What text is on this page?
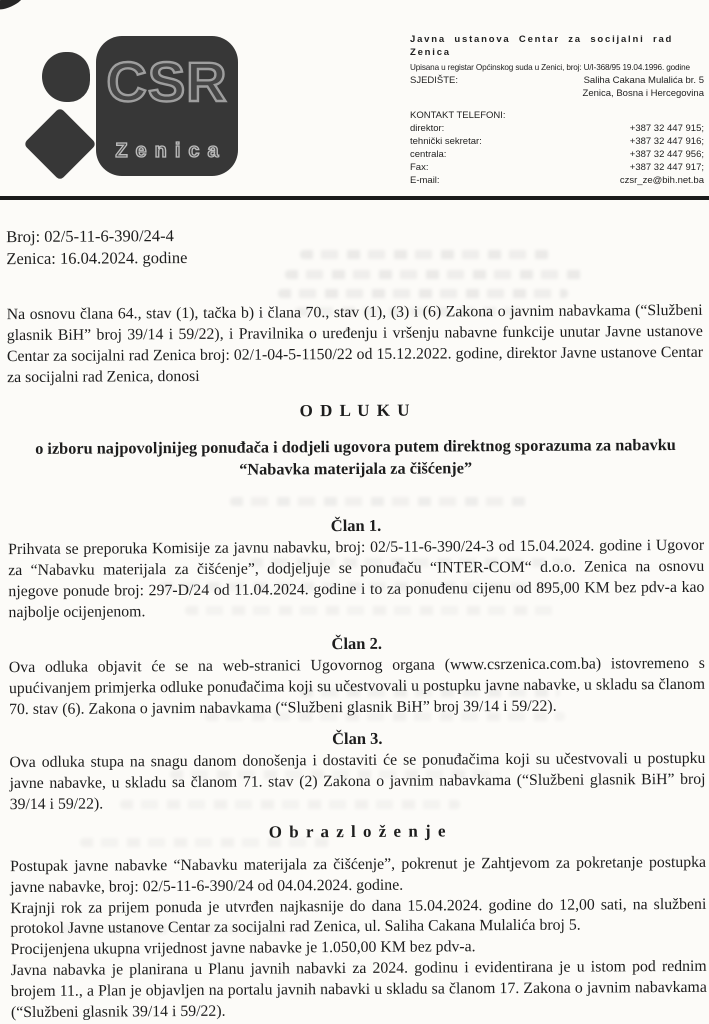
CSR
Zenica
Javna ustanova Centar za socijalni rad
Zenica
Upisana u registar Općinskog suda u Zenici, broj: U/I-368/95 19.04.1996. godine
SJEDIŠTE:	Saliha Cakana Mulalića br. 5
Zenica, Bosna i Hercegovina
KONTAKT TELEFONI:
direktor:	+387 32 447 915;
tehnički sekretar:	+387 32 447 916;
centrala:	+387 32 447 956;
Fax:	+387 32 447 917;
E-mail:	czsr_ze@bih.net.ba

Broj: 02/5-11-6-390/24-4

Zenica: 16.04.2024. godine

Na osnovu člana 64., stav (1), tačka b) i člana 70., stav (1), (3) i (6) Zakona o javnim nabavkama (“Službeni glasnik BiH” broj 39/14 i 59/22), i Pravilnika o uređenju i vršenju nabavne funkcije unutar Javne ustanove Centar za socijalni rad Zenica broj: 02/1-04-5-1150/22 od 15.12.2022. godine, direktor Javne ustanove Centar za socijalni rad Zenica, donosi

O D L U K U
o izboru najpovoljnijeg ponuđača i dodjeli ugovora putem direktnog sporazuma za nabavku
“Nabavka materijala za čišćenje”
Član 1.

Prihvata se preporuka Komisije za javnu nabavku, broj: 02/5-11-6-390/24-3 od 15.04.2024. godine i Ugovor za “Nabavku materijala za čišćenje”, dodjeljuje se ponuđaču “INTER-COM“ d.o.o. Zenica na osnovu njegove ponude broj: 297-D/24 od 11.04.2024. godine i to za ponuđenu cijenu od 895,00 KM bez pdv-a kao najbolje ocijenjenom.

Član 2.

Ova odluka objavit će se na web-stranici Ugovornog organa (www.csrzenica.com.ba) istovremeno s upućivanjem primjerka odluke ponuđačima koji su učestvovali u postupku javne nabavke, u skladu sa članom 70. stav (6). Zakona o javnim nabavkama (“Službeni glasnik BiH” broj 39/14 i 59/22).

Član 3.

Ova odluka stupa na snagu danom donošenja i dostaviti će se ponuđačima koji su učestvovali u postupku javne nabavke, u skladu sa članom 71. stav (2) Zakona o javnim nabavkama (“Službeni glasnik BiH” broj 39/14 i 59/22).

O b r a z l o ž e n j e

Postupak javne nabavke “Nabavku materijala za čišćenje”, pokrenut je Zahtjevom za pokretanje postupka javne nabavke, broj: 02/5-11-6-390/24 od 04.04.2024. godine.

Krajnji rok za prijem ponuda je utvrđen najkasnije do dana 15.04.2024. godine do 12,00 sati, na službeni protokol Javne ustanove Centar za socijalni rad Zenica, ul. Saliha Cakana Mulalića broj 5.

Procijenjena ukupna vrijednost javne nabavke je 1.050,00 KM bez pdv-a.

Javna nabavka je planirana u Planu javnih nabavki za 2024. godinu i evidentirana je u istom pod rednim brojem 11., a Plan je objavljen na portalu javnih nabavki u skladu sa članom 17. Zakona o javnim nabavkama (“Službeni glasnik 39/14 i 59/22).
